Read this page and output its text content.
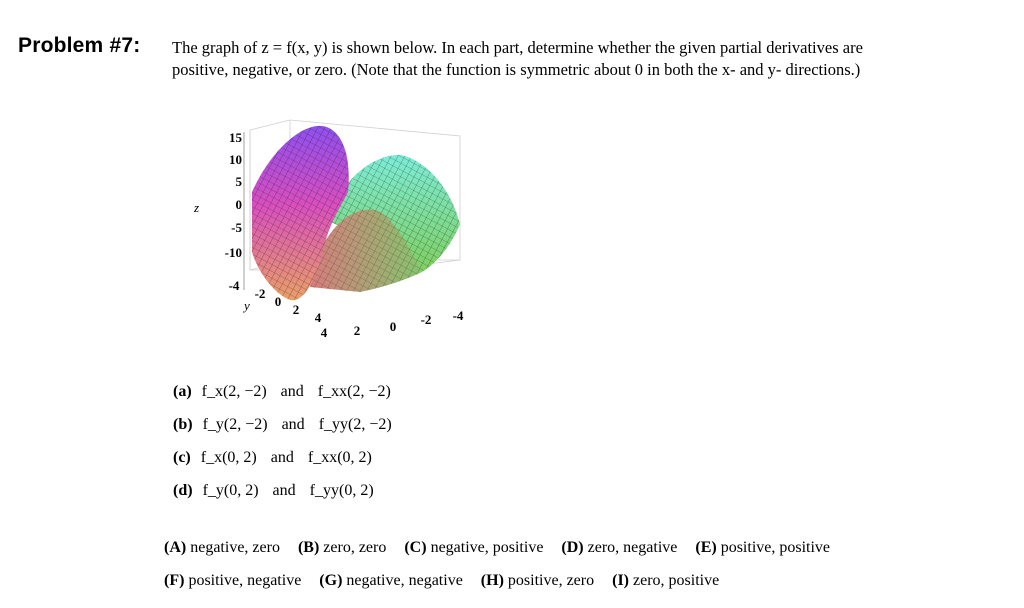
Problem #7: The graph of z = f(x, y) is shown below. In each part, determine whether the given partial derivatives are
positive, negative, or zero. (Note that the function is symmetric about 0 in both the x- and y- directions.)
z
15
10
5
0
-5
-10
-4
-2
0
2
4
y
4 2 0 -2 -4
(a) f_x(2, −2) and f_xx(2, −2)
(b) f_y(2, −2) and f_yy(2, −2)
(c) f_x(0, 2) and f_xx(0, 2)
(d) f_y(0, 2) and f_yy(0, 2)
(A) negative, zero (B) zero, zero (C) negative, positive (D) zero, negative (E) positive, positive
(F) positive, negative (G) negative, negative (H) positive, zero (I) zero, positive
